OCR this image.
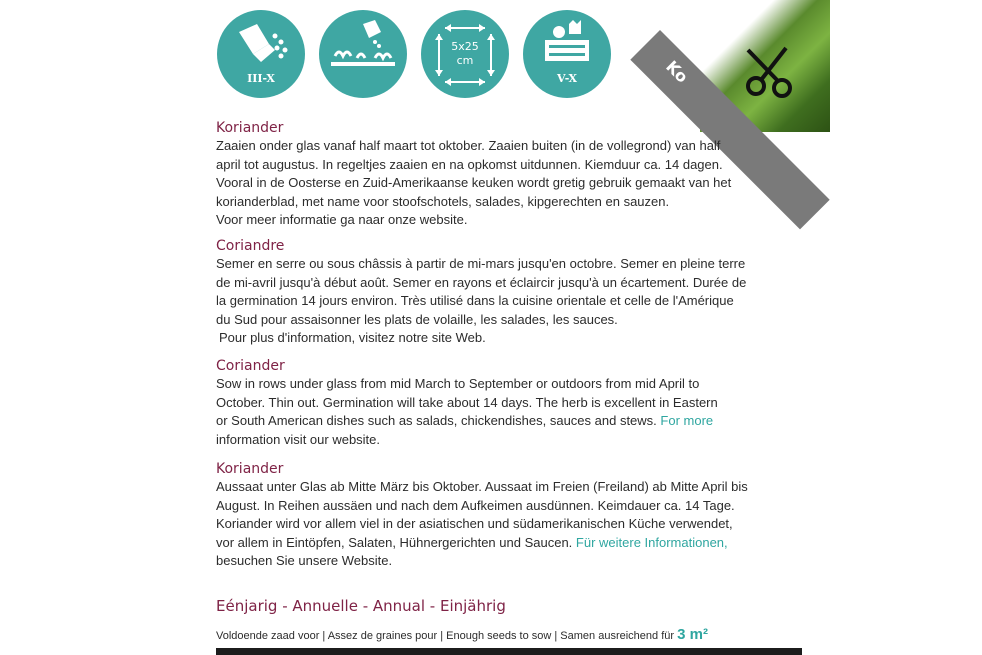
Ko
III-X
5x25
cm
V-X
Koriander

Zaaien onder glas vanaf half maart tot oktober. Zaaien buiten (in de vollegrond) van half

april tot augustus. In regeltjes zaaien en na opkomst uitdunnen. Kiemduur ca. 14 dagen.

Vooral in de Oosterse en Zuid-Amerikaanse keuken wordt gretig gebruik gemaakt van het

korianderblad, met name voor stoofschotels, salades, kipgerechten en sauzen.

Voor meer informatie ga naar onze website.

Coriandre

Semer en serre ou sous châssis à partir de mi-mars jusqu'en octobre. Semer en pleine terre

de mi-avril jusqu'à début août. Semer en rayons et éclaircir jusqu'à un écartement. Durée de

la germination 14 jours environ. Très utilisé dans la cuisine orientale et celle de l'Amérique

du Sud pour assaisonner les plats de volaille, les salades, les sauces.

Pour plus d'information, visitez notre site Web.

Coriander

Sow in rows under glass from mid March to September or outdoors from mid April to

October. Thin out. Germination will take about 14 days. The herb is excellent in Eastern

or South American dishes such as salads, chickendishes, sauces and stews. For more

information visit our website.

Koriander

Aussaat unter Glas ab Mitte März bis Oktober. Aussaat im Freien (Freiland) ab Mitte April bis

August. In Reihen aussäen und nach dem Aufkeimen ausdünnen. Keimdauer ca. 14 Tage.

Koriander wird vor allem viel in der asiatischen und südamerikanischen Küche verwendet,

vor allem in Eintöpfen, Salaten, Hühnergerichten und Saucen. Für weitere Informationen,

besuchen Sie unsere Website.

Eénjarig - Annuelle - Annual - Einjährig
Voldoende zaad voor | Assez de graines pour | Enough seeds to sow | Samen ausreichend für 3 m²
